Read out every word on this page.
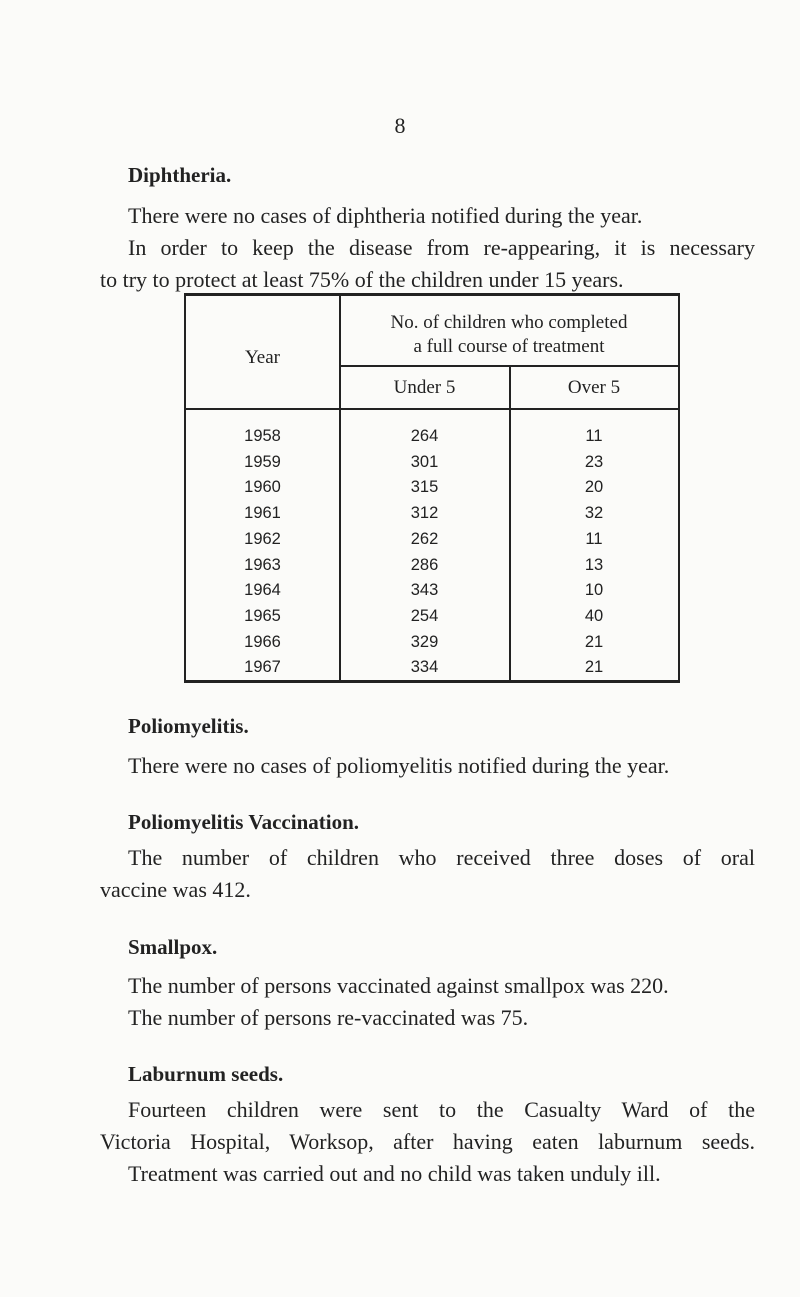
8
Diphtheria.
There were no cases of diphtheria notified during the year.
In order to keep the disease from re-appearing, it is necessary
to try to protect at least 75% of the children under 15 years.
Year
No. of children who completed
a full course of treatment
Under 5	Over 5
1958	264	11
1959	301	23
1960	315	20
1961	312	32
1962	262	11
1963	286	13
1964	343	10
1965	254	40
1966	329	21
1967	334	21
Poliomyelitis.
There were no cases of poliomyelitis notified during the year.
Poliomyelitis Vaccination.
The number of children who received three doses of oral
vaccine was 412.
Smallpox.
The number of persons vaccinated against smallpox was 220.
The number of persons re-vaccinated was 75.
Laburnum seeds.
Fourteen children were sent to the Casualty Ward of the
Victoria Hospital, Worksop, after having eaten laburnum seeds.
Treatment was carried out and no child was taken unduly ill.
